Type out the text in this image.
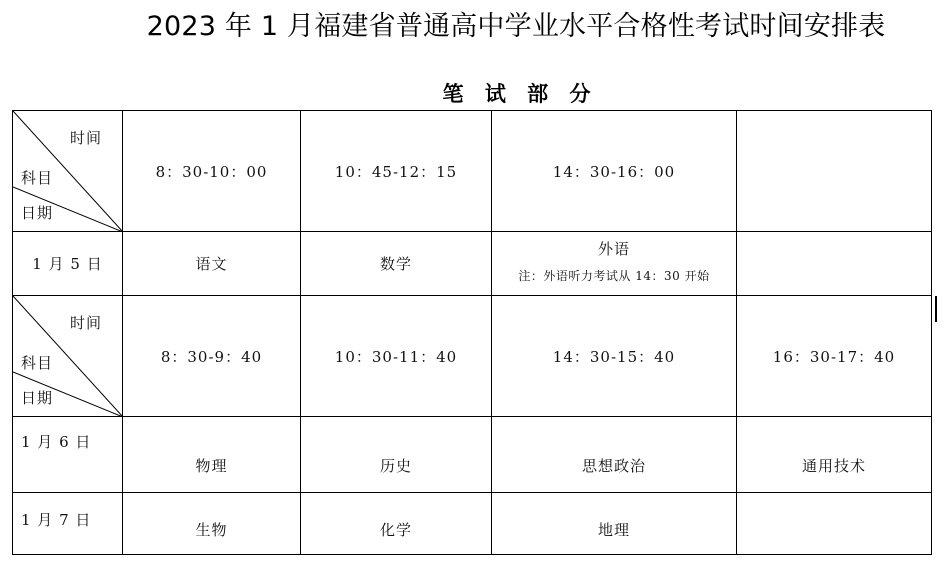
2023 年 1 月福建省普通高中学业水平合格性考试时间安排表
笔 试 部 分
时间
科目
日期	8：30-10：00	10：45-12：15	14：30-16：00	
1 月 5 日	语文	数学	外语
注：外语听力考试从 14：30 开始	

时间
科目
日期	8：30-9：40	10：30-11：40	14：30-15：40	16：30-17：40

1 月 6 日	物理	历史	思想政治	通用技术

1 月 7 日	生物	化学	地理	
